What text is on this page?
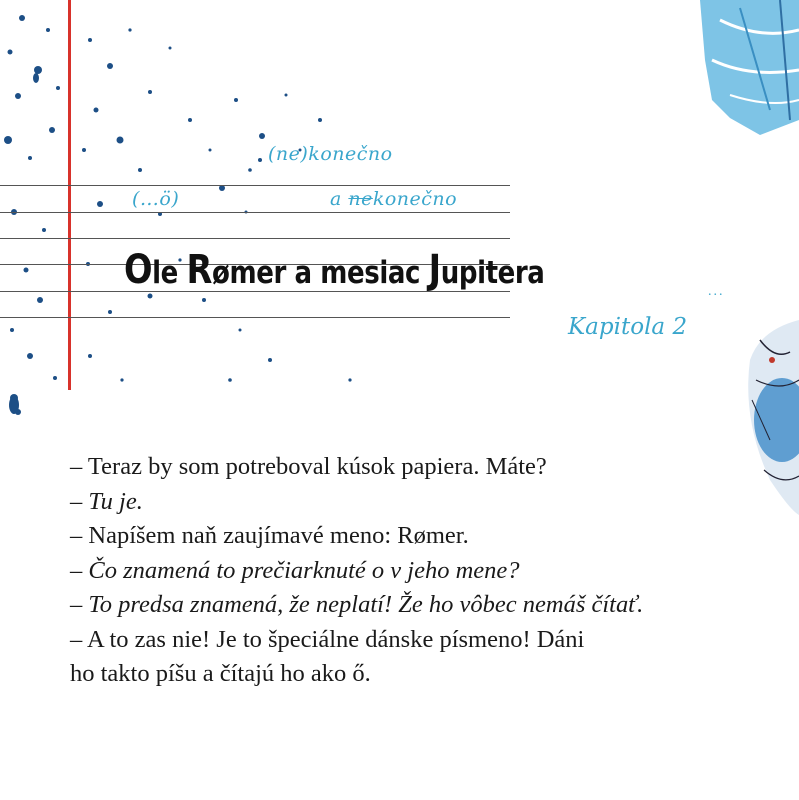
(ne)konečno
(…ö)	a nekonečno
Ole Rømer a mesiac Jupitera
...
Kapitola 2
– Teraz by som potreboval kúsok papiera. Máte?
– Tu je.
– Napíšem naň zaujímavé meno: Rømer.
– Čo znamená to prečiarknuté o v jeho mene?
– To predsa znamená, že neplatí! Že ho vôbec nemáš čítať.
– A to zas nie! Je to špeciálne dánske písmeno! Dáni
ho takto píšu a čítajú ho ako ő.
